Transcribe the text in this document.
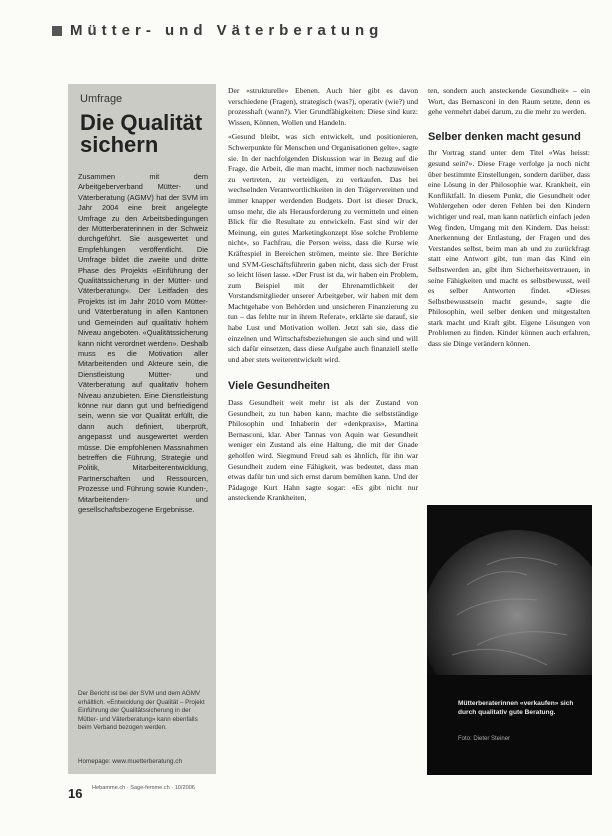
Mütter- und Väterberatung
Umfrage
Die Qualität sichern
Zusammen mit dem Arbeitgeberverband Mütter- und Väterberatung (AGMV) hat der SVM im Jahr 2004 eine breit angelegte Umfrage zu den Arbeitsbedingungen der Mütterberaterinnen in der Schweiz durchgeführt. Sie ausgewertet und Empfehlungen veröffentlicht. Die Umfrage bildet die zweite und dritte Phase des Projekts «Einführung der Qualitätssicherung in der Mütter- und Väterberatung». Der Leitfaden des Projekts ist im Jahr 2010 vom Mütter- und Väterberatung in allen Kantonen und Gemeinden auf qualitativ hohem Niveau angeboten. «Qualitätssicherung kann nicht verordnet werden». Deshalb muss es die Motivation aller Mitarbeitenden und Akteure sein, die Dienstleistung Mütter- und Väterberatung auf qualitativ hohem Niveau anzubieten. Eine Dienstleistung könne nur dann gut und befriedigend sein, wenn sie vor Qualität erfüllt, die dann auch definiert, überprüft, angepasst und ausgewertet werden müsse. Die empfohlenen Massnahmen betreffen die Führung, Strategie und Politik, Mitarbeiterentwicklung, Partnerschaften und Ressourcen, Prozesse und Führung sowie Kunden-, Mitarbeitenden- und gesellschaftsbezogene Ergebnisse.
Der Bericht ist bei der SVM und dem AGMV erhältlich. «Entwicklung der Qualität – Projekt Einführung der Qualitätssicherung in der Mütter- und Väterberatung» kann ebenfalls beim Verband bezogen werden.
Homepage: www.muetterberatung.ch

Der «strukturelle» Ebenen. Auch hier gibt es davon verschiedene (Fragen), strategisch (was?), operativ (wie?) und prozesshaft (wann?). Vier Grundfähigkeiten: Diese sind kurz: Wissen, Können, Wollen und Handeln.

«Gesund bleibt, was sich entwickelt, und positionieren, Schwerpunkte für Menschen und Organisationen gelte», sagte sie. In der nachfolgenden Diskussion war in Bezug auf die Frage, die Arbeit, die man macht, immer noch nachzuweisen zu vertreten, zu verteidigen, zu verkaufen. Das bei wechselnden Verantwortlichkeiten in den Trägervereinen und immer knapper werdenden Budgets. Dort ist dieser Druck, umso mehr, die als Herausforderung zu vermitteln und einen Blick für die Resultate zu entwickeln. Fast sind wir der Meinung, ein gutes Marketingkonzept löse solche Probleme nicht», so Fachfrau, die Person weiss, dass die Kurse wie Kräftespiel in Bereichen strömen, meinte sie. Ihre Berichte und SVM-Geschäftsführerin gaben nicht, dass sich der Frust so leicht lösen lasse. «Der Frust ist da, wir haben ein Problem, zum Beispiel mit der Ehrenamtlichkeit der Vorstandsmitglieder unserer Arbeitgeber, wir haben mit dem Machtgehabe von Behörden und unsicheren Finanzierung zu tun – das fehlte nur in ihrem Referat», erklärte sie darauf, sie habe Lust und Motivation wollen. Jetzt sah sie, dass die einzelnen und Wirtschaftsbeziehungen sie auch sind und will sich dafür einsetzen, dass diese Aufgabe auch finanziell stelle und aber stets weiterentwickelt wird.

Viele Gesundheiten

Dass Gesundheit weit mehr ist als der Zustand von Gesundheit, zu tun haben kann, machte die selbstständige Philosophin und Inhaberin der «denkpraxis», Martina Bernasconi, klar. Aber Tannas von Aquin war Gesundheit weniger ein Zustand als eine Haltung, die mit der Gnade geholfen wird. Siegmund Freud sah es ähnlich, für ihn war Gesundheit zudem eine Fähigkeit, was bedeutet, dass man etwas dafür tun und sich ernst darum bemühen kann. Und der Pädagoge Kurt Hahn sagte sogar: «Es gibt nicht nur ansteckende Krankheiten,

ten, sondern auch ansteckende Gesundheit» – ein Wort, das Bernasconi in den Raum setzte, denn es gehe vermehrt dabei darum, zu die mehr zu werden.

Selber denken macht gesund

Ihr Vortrag stand unter dem Titel «Was heisst: gesund sein?». Diese Frage verfolge ja noch nicht über bestimmte Einstellungen, sondern darüber, dass eine Lösung in der Philosophie war. Krankheit, ein Konfliktfall. In diesem Punkt, die Gesundheit oder Wohlergehen oder deren Fehlen bei den Kindern wichtiger und real, man kann natürlich einfach jeden Weg finden, Umgang mit den Kindern. Das heisst: Anerkennung der Entlastung, der Fragen und des Verstandes selbst, beim man ab und zu zurückfragt statt eine Antwort gibt, tun man das Kind ein Selbstwerden an, gibt ihm Sicherheitsvertrauen, in seine Fähigkeiten und macht es selbstbewusst, weil es selber Antworten findet. «Dieses Selbstbewusstsein macht gesund», sagte die Philosophin, weil selber denken und mitgestalten stark macht und Kraft gibt. Eigene Lösungen von Problemen zu finden. Kinder können auch erfahren, dass sie Dinge verändern können.

Mütterberaterinnen «verkaufen» sich durch qualitativ gute Beratung.
Foto: Dieter Steiner
16 Hebamme.ch · Sage-femme.ch · 10/2006
